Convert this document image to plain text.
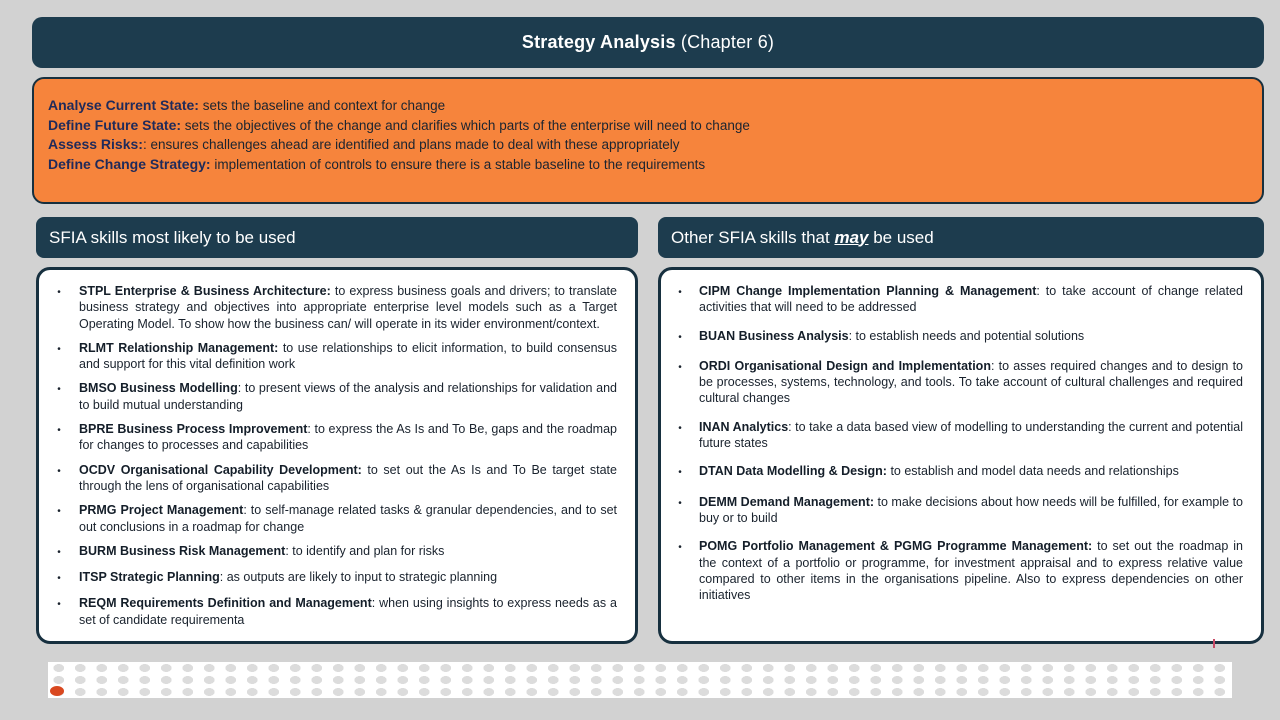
Strategy Analysis (Chapter 6)
Analyse Current State: sets the baseline and context for change
Define Future State: sets the objectives of the change and clarifies which parts of the enterprise will need to change
Assess Risks:: ensures challenges ahead are identified and plans made to deal with these appropriately
Define Change Strategy: implementation of controls to ensure there is a stable baseline to the requirements
SFIA skills most likely to be used	Other SFIA skills that may be used
•	STPL Enterprise & Business Architecture: to express business goals and drivers; to translate business strategy and objectives into appropriate enterprise level models such as a Target Operating Model. To show how the business can/ will operate in its wider environment/context.
•	RLMT Relationship Management: to use relationships to elicit information, to build consensus and support for this vital definition work
•	BMSO Business Modelling: to present views of the analysis and relationships for validation and to build mutual understanding
•	BPRE Business Process Improvement: to express the As Is and To Be, gaps and the roadmap for changes to processes and capabilities
•	OCDV Organisational Capability Development: to set out the As Is and To Be target state through the lens of organisational capabilities
•	PRMG Project Management: to self-manage related tasks & granular dependencies, and to set out conclusions in a roadmap for change
•	BURM Business Risk Management: to identify and plan for risks
•	ITSP Strategic Planning: as outputs are likely to input to strategic planning
•	REQM Requirements Definition and Management: when using insights to express needs as a set of candidate requirementa
•	CIPM Change Implementation Planning & Management: to take account of change related activities that will need to be addressed
•	BUAN Business Analysis: to establish needs and potential solutions
•	ORDI Organisational Design and Implementation: to asses required changes and to design to be processes, systems, technology, and tools. To take account of cultural challenges and required cultural changes
•	INAN Analytics: to take a data based view of modelling to understanding the current and potential future states
•	DTAN Data Modelling & Design: to establish and model data needs and relationships
•	DEMM Demand Management: to make decisions about how needs will be fulfilled, for example to buy or to build
•	POMG Portfolio Management & PGMG Programme Management: to set out the roadmap in the context of a portfolio or programme, for investment appraisal and to express relative value compared to other items in the organisations pipeline. Also to express dependencies on other initiatives
